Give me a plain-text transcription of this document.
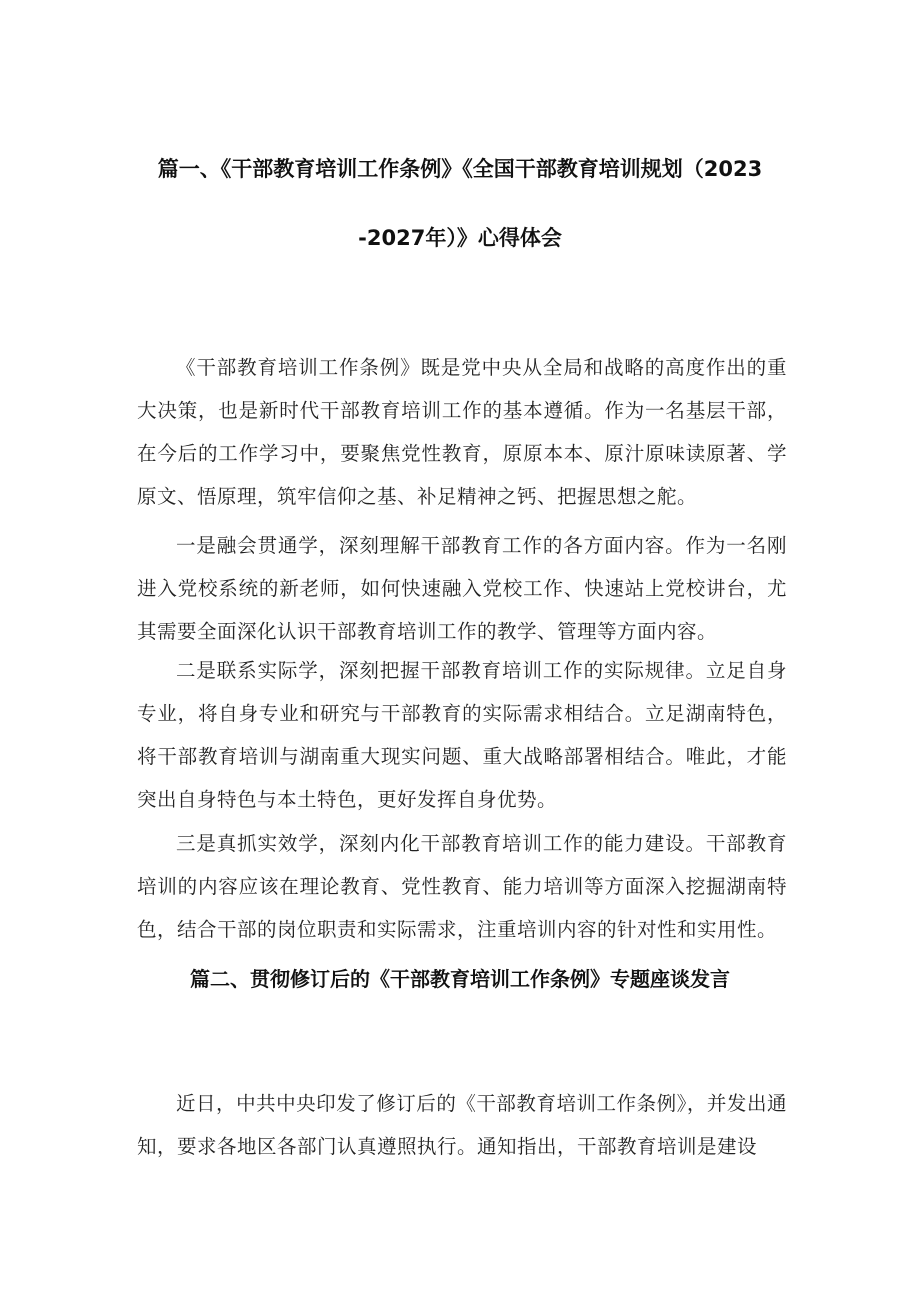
篇一、《干部教育培训工作条例》《全国干部教育培训规划（2023
-2027年）》心得体会

《干部教育培训工作条例》既是党中央从全局和战略的高度作出的重大决策，也是新时代干部教育培训工作的基本遵循。作为一名基层干部，在今后的工作学习中，要聚焦党性教育，原原本本、原汁原味读原著、学原文、悟原理，筑牢信仰之基、补足精神之钙、把握思想之舵。

一是融会贯通学，深刻理解干部教育工作的各方面内容。作为一名刚进入党校系统的新老师，如何快速融入党校工作、快速站上党校讲台，尤其需要全面深化认识干部教育培训工作的教学、管理等方面内容。

二是联系实际学，深刻把握干部教育培训工作的实际规律。立足自身专业，将自身专业和研究与干部教育的实际需求相结合。立足湖南特色，将干部教育培训与湖南重大现实问题、重大战略部署相结合。唯此，才能突出自身特色与本土特色，更好发挥自身优势。

三是真抓实效学，深刻内化干部教育培训工作的能力建设。干部教育培训的内容应该在理论教育、党性教育、能力培训等方面深入挖掘湖南特色，结合干部的岗位职责和实际需求，注重培训内容的针对性和实用性。

篇二、贯彻修订后的《干部教育培训工作条例》专题座谈发言

近日，中共中央印发了修订后的《干部教育培训工作条例》，并发出通知，要求各地区各部门认真遵照执行。通知指出，干部教育培训是建设
